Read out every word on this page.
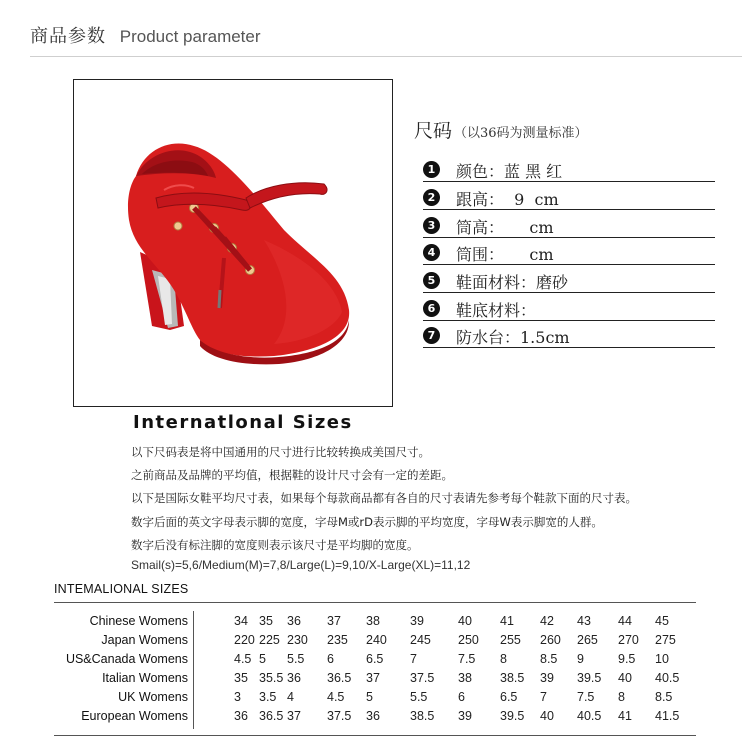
商品参数 Product parameter
尺码 （以36码为测量标准）
1 颜色：蓝 黑 红
2 跟高：  9  cm
3 筒高：     cm
4 筒围：     cm
5 鞋面材料：磨砂
6 鞋底材料：
7 防水台：1.5cm
Internatlonal Sizes
以下尺码表是将中国通用的尺寸进行比较转换成美国尺寸。
之前商品及品牌的平均值，根据鞋的设计尺寸会有一定的差距。
以下是国际女鞋平均尺寸表，如果每个每款商品都有各自的尺寸表请先参考每个鞋款下面的尺寸表。
数字后面的英文字母表示脚的宽度，字母M或rD表示脚的平均宽度，字母W表示脚宽的人群。
数字后没有标注脚的宽度则表示该尺寸是平均脚的宽度。
Smail(s)=5,6/Medium(M)=7,8/Large(L)=9,10/X-Large(XL)=11,12
INTEMALIONAL SIZES
Chinese Womens	34 35 36 37 38 39	40 41 42 43 44 45
Japan Womens	220 225 230 235 240 245 250 255 260 265 270 275
US&Canada Womens	4.5 5 5.5 6	6.5 7	7.5 8	8.5 9	9.5 10
Italian Womens	35 35.5 36 36.5 37 37.5 38 38.5 39 39.5 40 40.5
UK Womens	3 3.5 4	4.5 5	5.5 6	6.5 7 7.5 8 8.5
European Womens	36 36.5 37 37.5 36 38.5 39 39.5 40 40.5 41 41.5
